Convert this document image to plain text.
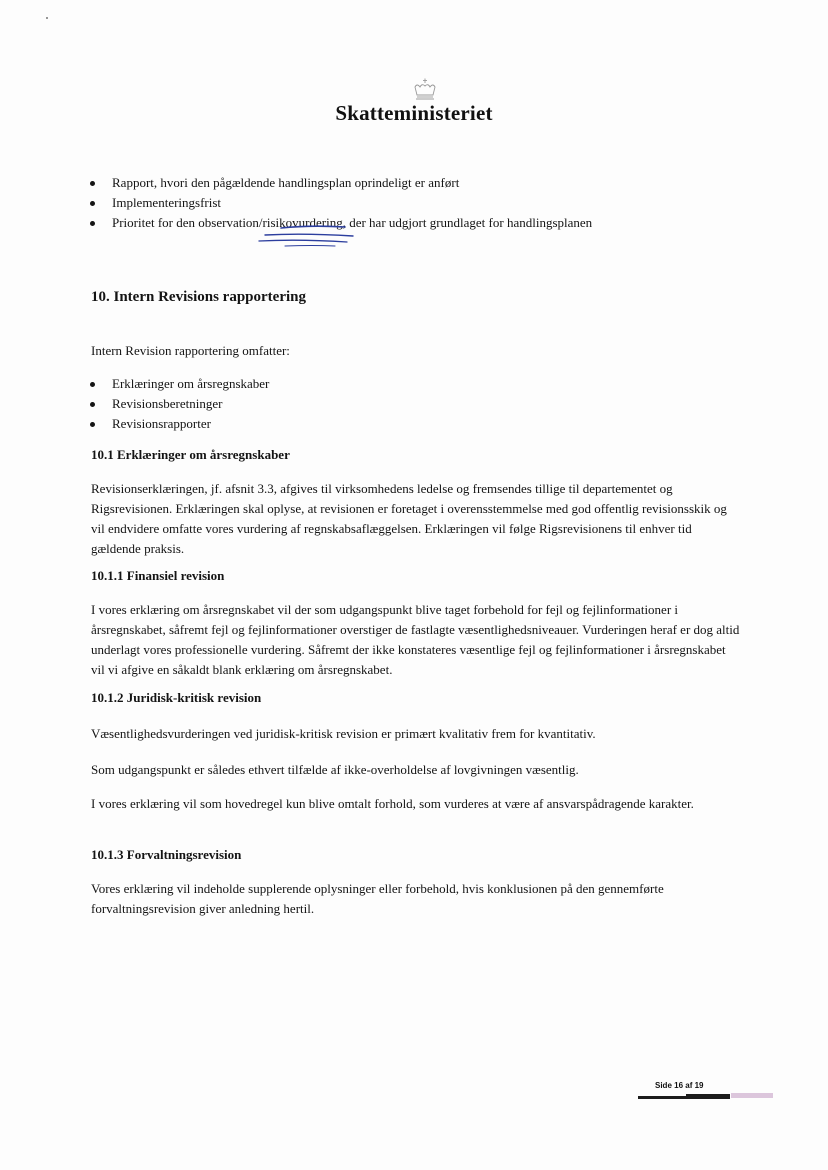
Skatteministeriet
Rapport, hvori den pågældende handlingsplan oprindeligt er anført
Implementeringsfrist
Prioritet for den observation/risikovurdering, der har udgjort grundlaget for handlingsplanen
10. Intern Revisions rapportering
Intern Revision rapportering omfatter:
Erklæringer om årsregnskaber
Revisionsberetninger
Revisionsrapporter
10.1 Erklæringer om årsregnskaber
Revisionserklæringen, jf. afsnit 3.3, afgives til virksomhedens ledelse og fremsendes tillige til departementet og Rigsrevisionen. Erklæringen skal oplyse, at revisionen er foretaget i overensstemmelse med god offentlig revisionsskik og vil endvidere omfatte vores vurdering af regnskabsaflæggelsen. Erklæringen vil følge Rigsrevisionens til enhver tid gældende praksis.
10.1.1 Finansiel revision
I vores erklæring om årsregnskabet vil der som udgangspunkt blive taget forbehold for fejl og fejlinformationer i årsregnskabet, såfremt fejl og fejlinformationer overstiger de fastlagte væsentlighedsniveauer. Vurderingen heraf er dog altid underlagt vores professionelle vurdering. Såfremt der ikke konstateres væsentlige fejl og fejlinformationer i årsregnskabet vil vi afgive en såkaldt blank erklæring om årsregnskabet.
10.1.2 Juridisk-kritisk revision
Væsentlighedsvurderingen ved juridisk-kritisk revision er primært kvalitativ frem for kvantitativ.
Som udgangspunkt er således ethvert tilfælde af ikke-overholdelse af lovgivningen væsentlig.
I vores erklæring vil som hovedregel kun blive omtalt forhold, som vurderes at være af ansvarspådragende karakter.
10.1.3 Forvaltningsrevision
Vores erklæring vil indeholde supplerende oplysninger eller forbehold, hvis konklusionen på den gennemførte forvaltningsrevision giver anledning hertil.
Side 16 af 19
